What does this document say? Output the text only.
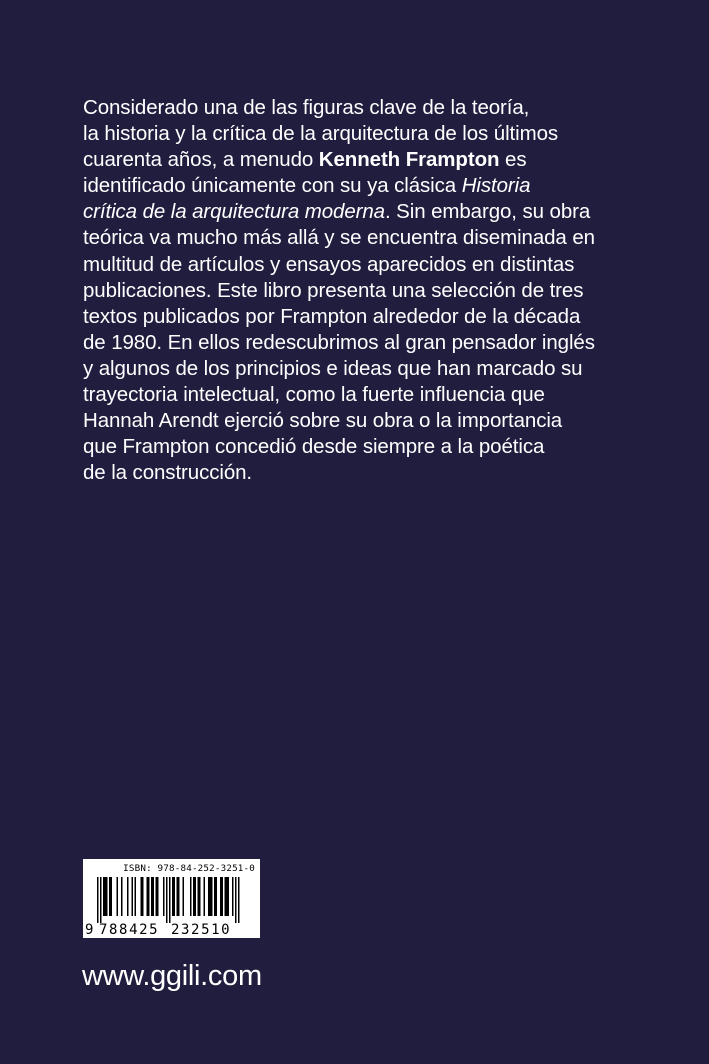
Considerado una de las figuras clave de la teoría,
la historia y la crítica de la arquitectura de los últimos
cuarenta años, a menudo Kenneth Frampton es
identificado únicamente con su ya clásica Historia
crítica de la arquitectura moderna. Sin embargo, su obra
teórica va mucho más allá y se encuentra diseminada en
multitud de artículos y ensayos aparecidos en distintas
publicaciones. Este libro presenta una selección de tres
textos publicados por Frampton alrededor de la década
de 1980. En ellos redescubrimos al gran pensador inglés
y algunos de los principios e ideas que han marcado su
trayectoria intelectual, como la fuerte influencia que
Hannah Arendt ejerció sobre su obra o la importancia
que Frampton concedió desde siempre a la poética
de la construcción.
ISBN: 978-84-252-3251-0
9 788425 232510
www.ggili.com
